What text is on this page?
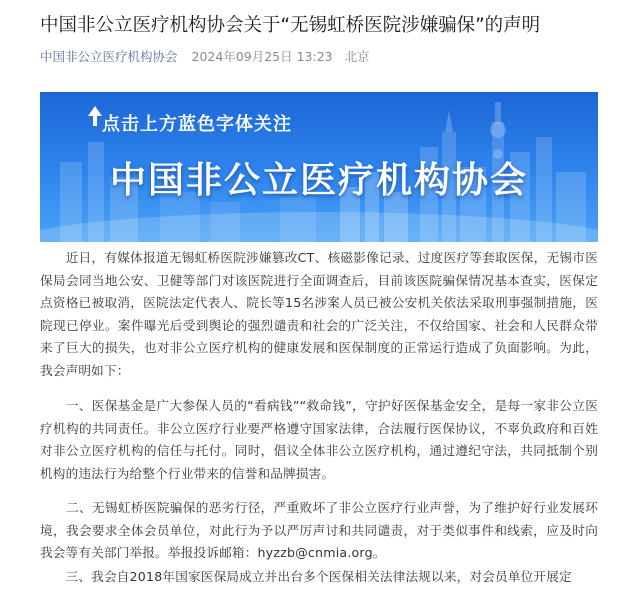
中国非公立医疗机构协会关于“无锡虹桥医院涉嫌骗保”的声明
中国非公立医疗机构协会 2024年09月25日 13:23 北京
点击上方蓝色字体关注
中国非公立医疗机构协会
　　近日，有媒体报道无锡虹桥医院涉嫌篡改CT、核磁影像记录、过度医疗等套取医保，无锡市医保局会同当地公安、卫健等部门对该医院进行全面调查后，目前该医院骗保情况基本查实，医保定点资格已被取消，医院法定代表人、院长等15名涉案人员已被公安机关依法采取刑事强制措施，医院现已停业。案件曝光后受到舆论的强烈谴责和社会的广泛关注，不仅给国家、社会和人民群众带来了巨大的损失，也对非公立医疗机构的健康发展和医保制度的正常运行造成了负面影响。为此，我会声明如下：
　　一、医保基金是广大参保人员的“看病钱”“救命钱”，守护好医保基金安全，是每一家非公立医疗机构的共同责任。非公立医疗行业要严格遵守国家法律，合法履行医保协议，不辜负政府和百姓对非公立医疗机构的信任与托付。同时，倡议全体非公立医疗机构，通过遵纪守法，共同抵制个别机构的违法行为给整个行业带来的信誉和品牌损害。
　　二、无锡虹桥医院骗保的恶劣行径，严重败坏了非公立医疗行业声誉，为了维护好行业发展环境，我会要求全体会员单位，对此行为予以严厉声讨和共同谴责，对于类似事件和线索，应及时向我会等有关部门举报。举报投诉邮箱：hyzzb@cnmia.org。
　　三、我会自2018年国家医保局成立并出台多个医保相关法律法规以来，对会员单位开展定
